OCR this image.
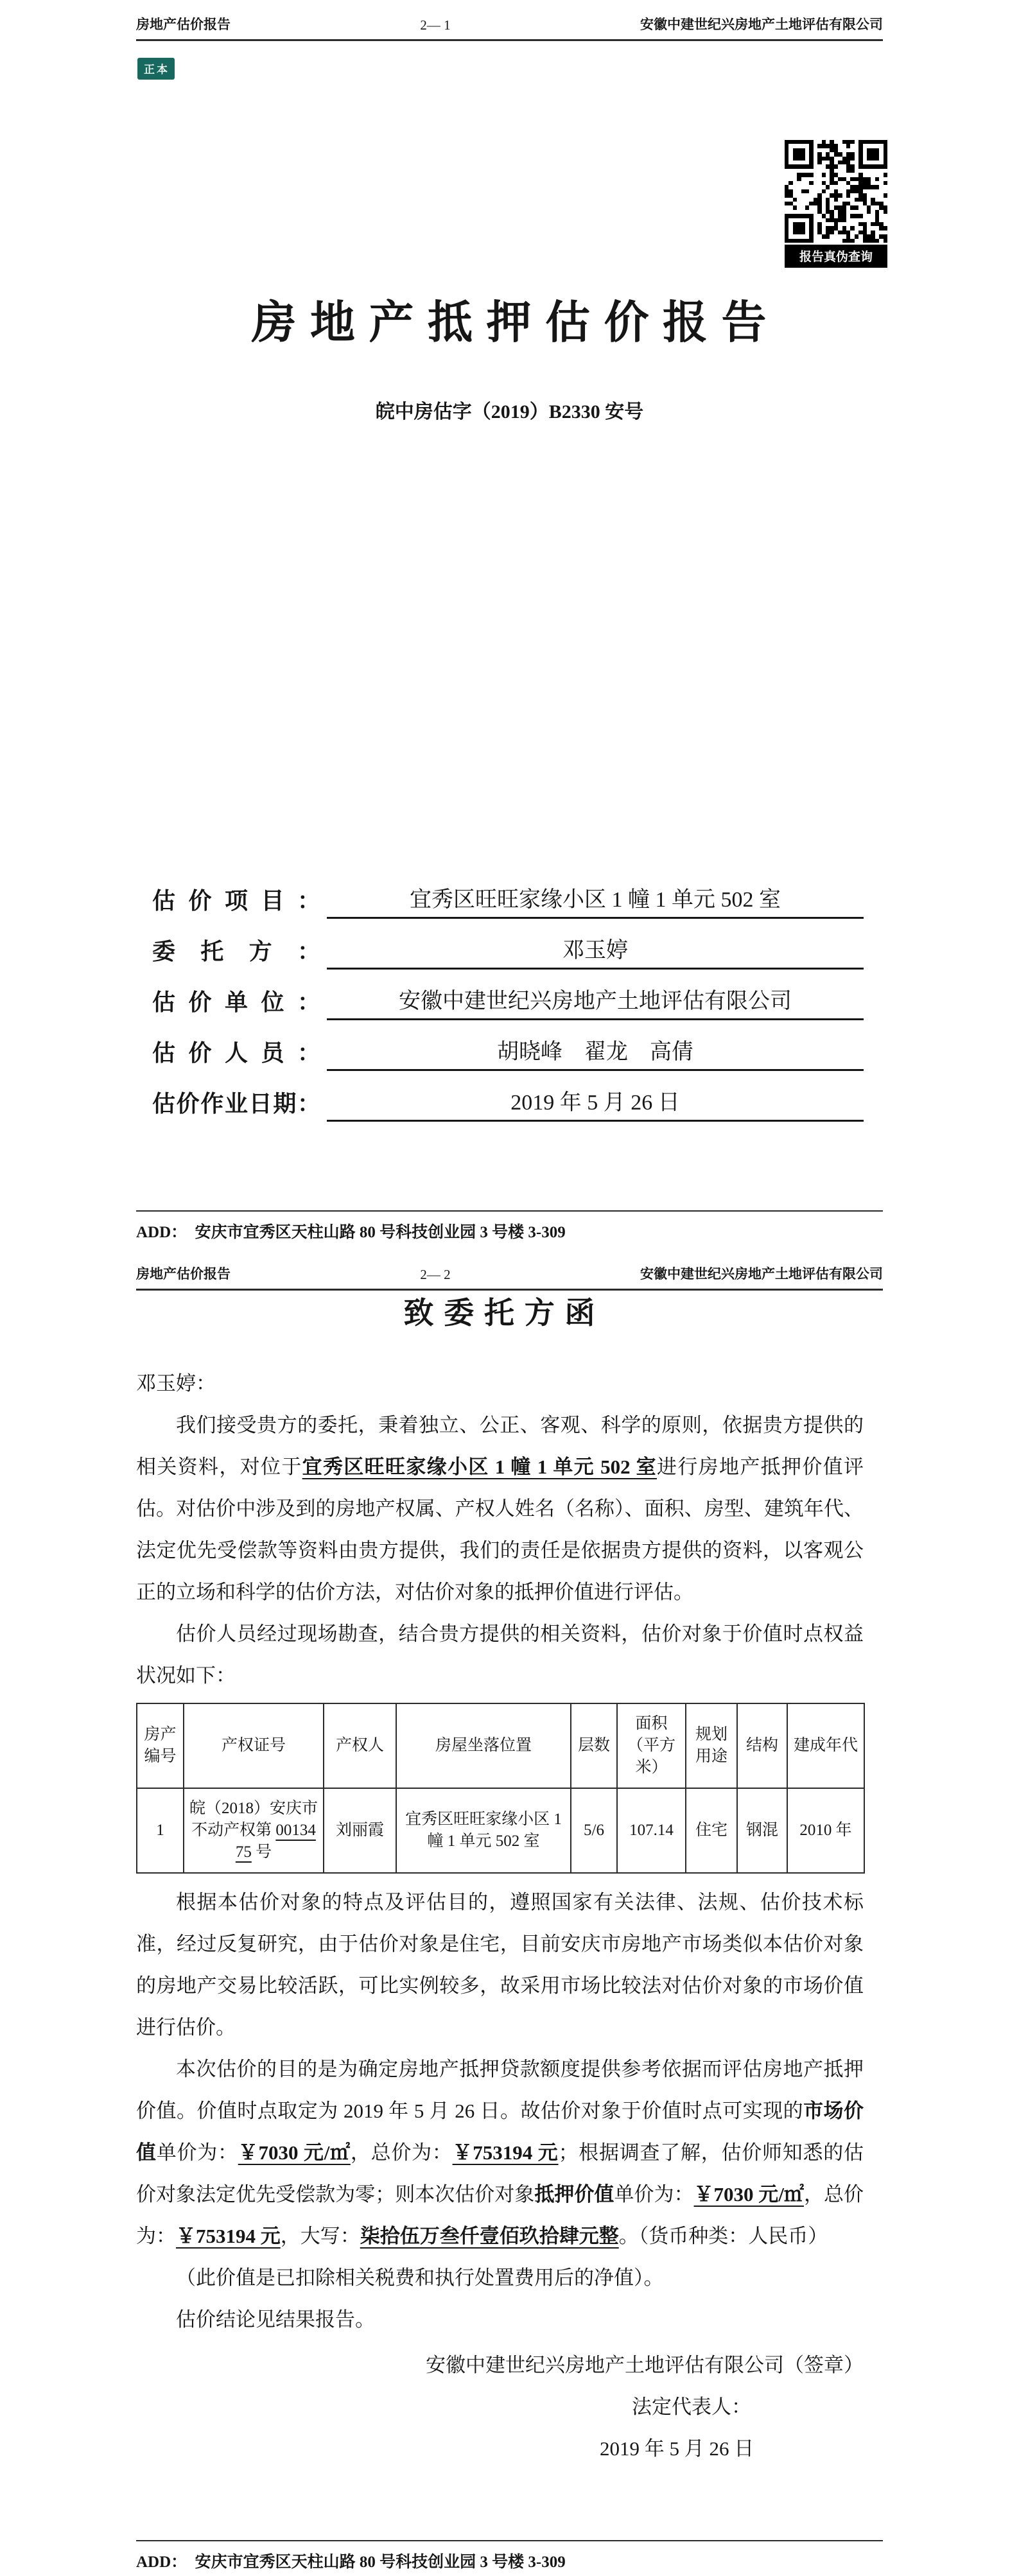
房地产估价报告	2— 1	安徽中建世纪兴房地产土地评估有限公司
正本
报告真伪查询
房 地 产 抵 押 估 价 报 告
皖中房估字（2019）B2330 安号
估价项目：	宜秀区旺旺家缘小区 1 幢 1 单元 502 室
委托方：	邓玉婷
估价单位：	安徽中建世纪兴房地产土地评估有限公司
估价人员：	胡晓峰　翟龙　高倩
估价作业日期：	2019 年 5 月 26 日
ADD：　安庆市宜秀区天柱山路 80 号科技创业园 3 号楼 3-309
房地产估价报告	2— 2	安徽中建世纪兴房地产土地评估有限公司
致 委 托 方 函
邓玉婷：

我们接受贵方的委托，秉着独立、公正、客观、科学的原则，依据贵方提供的相关资料，对位于宜秀区旺旺家缘小区 1 幢 1 单元 502 室进行房地产抵押价值评估。对估价中涉及到的房地产权属、产权人姓名（名称）、面积、房型、建筑年代、法定优先受偿款等资料由贵方提供，我们的责任是依据贵方提供的资料，以客观公正的立场和科学的估价方法，对估价对象的抵押价值进行评估。

估价人员经过现场勘查，结合贵方提供的相关资料，估价对象于价值时点权益状况如下：

房产编号	产权证号	产权人	房屋坐落位置	层数	面积（平方米）	规划用途	结构	建成年代
1	皖（2018）安庆市不动产权第 0013475 号	刘丽霞	宜秀区旺旺家缘小区 1 幢 1 单元 502 室	5/6	107.14	住宅	钢混	2010 年

根据本估价对象的特点及评估目的，遵照国家有关法律、法规、估价技术标准，经过反复研究，由于估价对象是住宅，目前安庆市房地产市场类似本估价对象的房地产交易比较活跃，可比实例较多，故采用市场比较法对估价对象的市场价值进行估价。

本次估价的目的是为确定房地产抵押贷款额度提供参考依据而评估房地产抵押价值。价值时点取定为 2019 年 5 月 26 日。故估价对象于价值时点可实现的市场价值单价为：￥7030 元/㎡，总价为：￥753194 元；根据调查了解，估价师知悉的估价对象法定优先受偿款为零；则本次估价对象抵押价值单价为：￥7030 元/㎡，总价为：￥753194 元，大写：柒拾伍万叁仟壹佰玖拾肆元整。（货币种类：人民币）

（此价值是已扣除相关税费和执行处置费用后的净值）。

估价结论见结果报告。

安徽中建世纪兴房地产土地评估有限公司（签章）
法定代表人：
2019 年 5 月 26 日
ADD：　安庆市宜秀区天柱山路 80 号科技创业园 3 号楼 3-309
